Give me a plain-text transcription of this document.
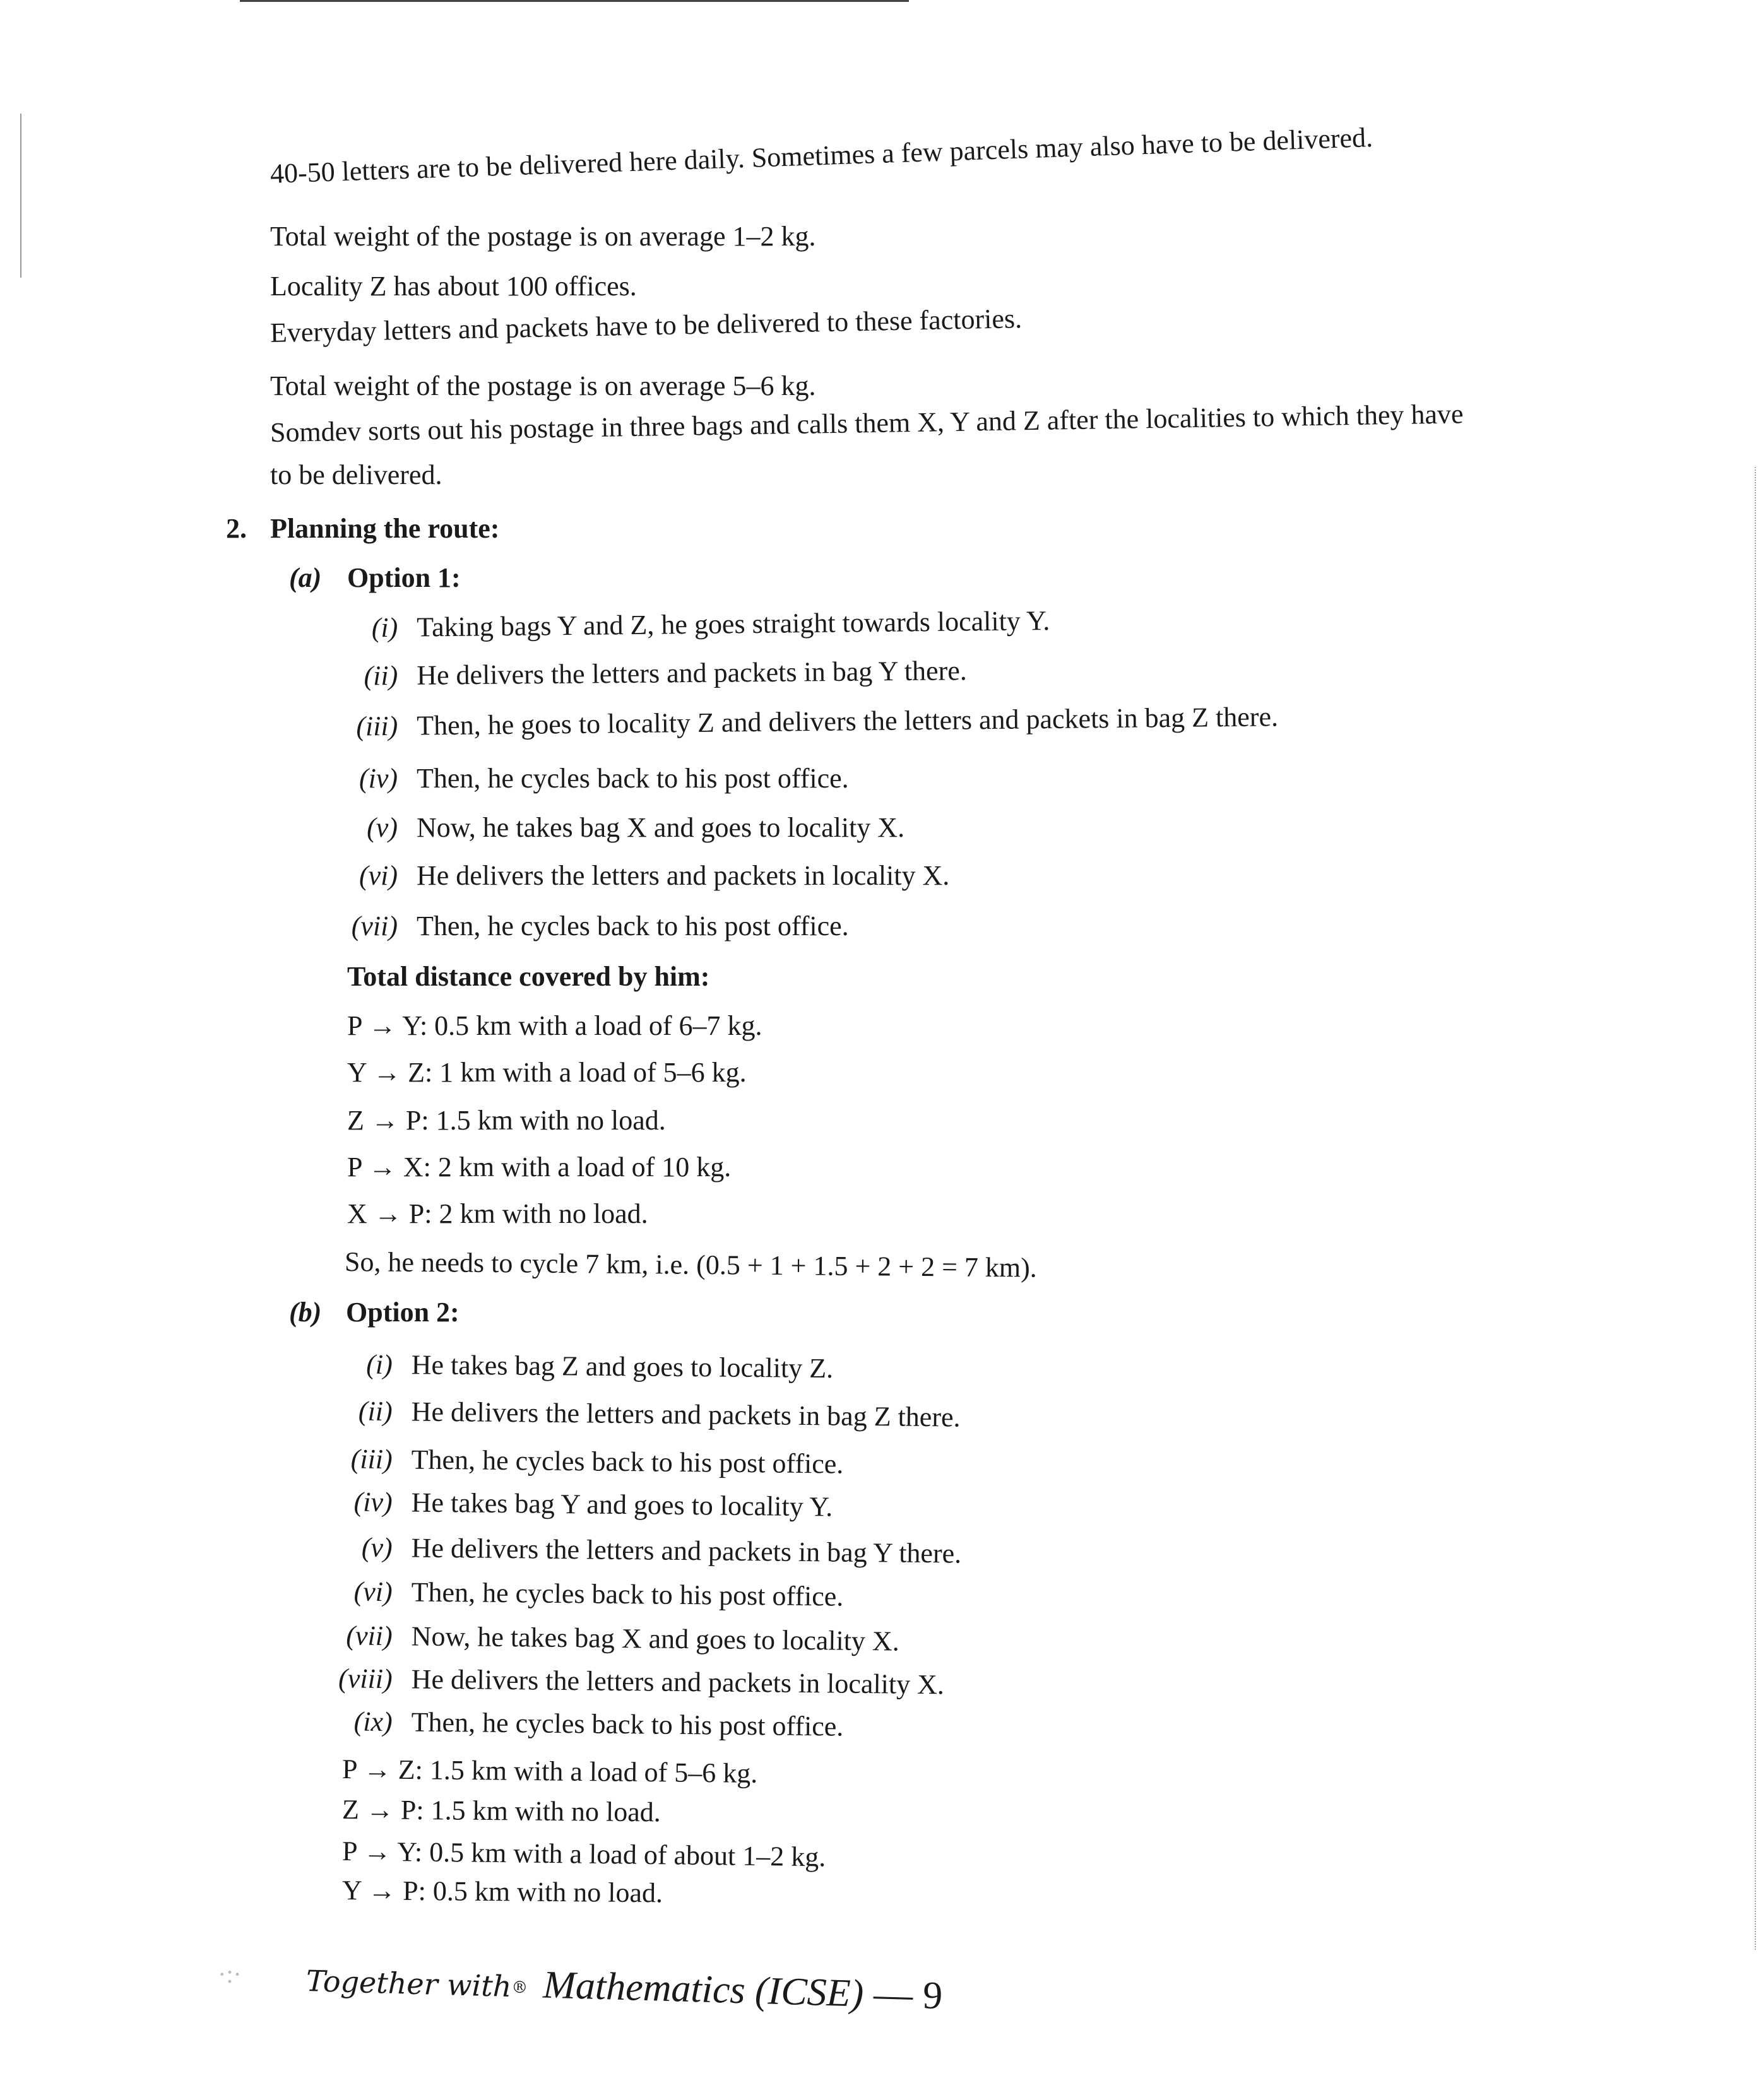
40-50 letters are to be delivered here daily. Sometimes a few parcels may also have to be delivered.
Total weight of the postage is on average 1–2 kg.
Locality Z has about 100 offices.
Everyday letters and packets have to be delivered to these factories.
Total weight of the postage is on average 5–6 kg.
Somdev sorts out his postage in three bags and calls them X, Y and Z after the localities to which they have
to be delivered.
2. Planning the route:
(a) Option 1:
(i) Taking bags Y and Z, he goes straight towards locality Y.
(ii) He delivers the letters and packets in bag Y there.
(iii) Then, he goes to locality Z and delivers the letters and packets in bag Z there.
(iv) Then, he cycles back to his post office.
(v) Now, he takes bag X and goes to locality X.
(vi) He delivers the letters and packets in locality X.
(vii) Then, he cycles back to his post office.
Total distance covered by him:
P → Y: 0.5 km with a load of 6–7 kg.
Y → Z: 1 km with a load of 5–6 kg.
Z → P: 1.5 km with no load.
P → X: 2 km with a load of 10 kg.
X → P: 2 km with no load.
So, he needs to cycle 7 km, i.e. (0.5 + 1 + 1.5 + 2 + 2 = 7 km).
(b) Option 2:
(i) He takes bag Z and goes to locality Z.
(ii) He delivers the letters and packets in bag Z there.
(iii) Then, he cycles back to his post office.
(iv) He takes bag Y and goes to locality Y.
(v) He delivers the letters and packets in bag Y there.
(vi) Then, he cycles back to his post office.
(vii) Now, he takes bag X and goes to locality X.
(viii) He delivers the letters and packets in locality X.
(ix) Then, he cycles back to his post office.
P → Z: 1.5 km with a load of 5–6 kg.
Z → P: 1.5 km with no load.
P → Y: 0.5 km with a load of about 1–2 kg.
Y → P: 0.5 km with no load.
·:· Together with® Mathematics (ICSE) — 9
